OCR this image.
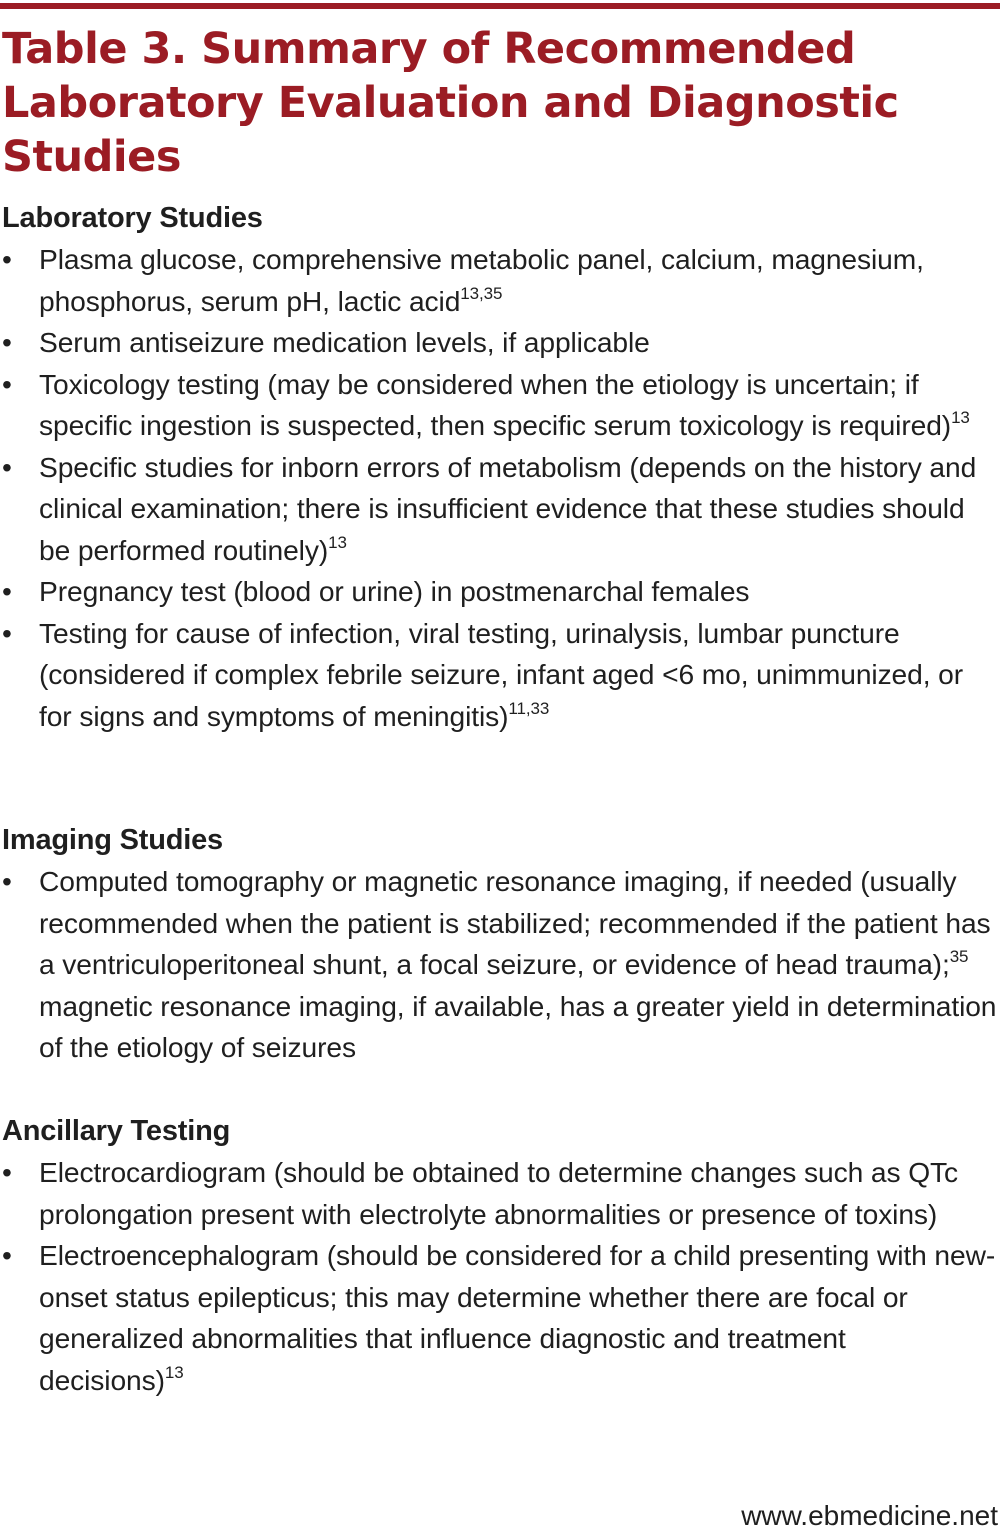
Table 3. Summary of Recommended Laboratory Evaluation and Diagnostic Studies
Laboratory Studies
• Plasma glucose, comprehensive metabolic panel, calcium, magnesium, phosphorus, serum pH, lactic acid$^{13,35}$
• Serum antiseizure medication levels, if applicable
• Toxicology testing (may be considered when the etiology is uncertain; if specific ingestion is suspected, then specific serum toxicology is required)$^{13}$
• Specific studies for inborn errors of metabolism (depends on the history and clinical examination; there is insufficient evidence that these studies should be performed routinely)$^{13}$
• Pregnancy test (blood or urine) in postmenarchal females
• Testing for cause of infection, viral testing, urinalysis, lumbar puncture (considered if complex febrile seizure, infant aged <6 mo, unimmunized, or for signs and symptoms of meningitis)$^{11,33}$
Imaging Studies
• Computed tomography or magnetic resonance imaging, if needed (usually recommended when the patient is stabilized; recommended if the patient has a ventriculoperitoneal shunt, a focal seizure, or evidence of head trauma);$^{35}$ magnetic resonance imaging, if available, has a greater yield in determination of the etiology of seizures
Ancillary Testing
• Electrocardiogram (should be obtained to determine changes such as QTc prolongation present with electrolyte abnormalities or presence of toxins)
• Electroencephalogram (should be considered for a child presenting with new-onset status epilepticus; this may determine whether there are focal or generalized abnormalities that influence diagnostic and treatment decisions)$^{13}$
www.ebmedicine.net
